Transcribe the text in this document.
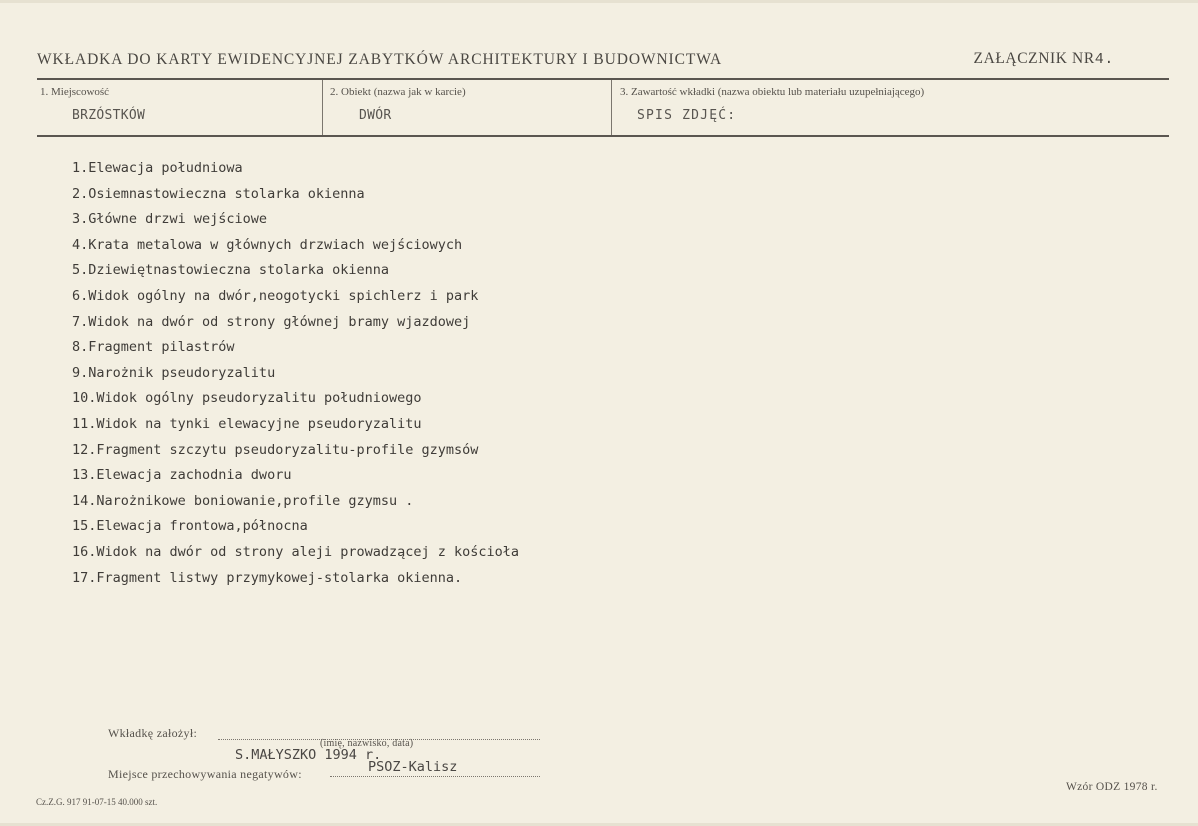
WKŁADKA DO KARTY EWIDENCYJNEJ ZABYTKÓW ARCHITEKTURY I BUDOWNICTWA	ZAŁĄCZNIK NR4.
1. Miejscowość
BRZÓSTKÓW
2. Obiekt (nazwa jak w karcie)
DWÓR
3. Zawartość wkładki (nazwa obiektu lub materiału uzupełniającego)
SPIS ZDJĘĆ:
1.Elewacja południowa
2.Osiemnastowieczna stolarka okienna
3.Główne drzwi wejściowe
4.Krata metalowa w głównych drzwiach wejściowych
5.Dziewiętnastowieczna stolarka okienna
6.Widok ogólny na dwór,neogotycki spichlerz i park
7.Widok na dwór od strony głównej bramy wjazdowej
8.Fragment pilastrów
9.Narożnik pseudoryzalitu
10.Widok ogólny pseudoryzalitu południowego
11.Widok na tynki elewacyjne pseudoryzalitu
12.Fragment szczytu pseudoryzalitu-profile gzymsów
13.Elewacja zachodnia dworu
14.Narożnikowe boniowanie,profile gzymsu .
15.Elewacja frontowa,północna
16.Widok na dwór od strony aleji prowadzącej z kościoła
17.Fragment listwy przymykowej-stolarka okienna.
Wkładkę założył:
(imię, nazwisko, data)
S.MAŁYSZKO 1994 r.
Miejsce przechowywania negatywów:	PSOZ-Kalisz
Cz.Z.G. 917 91-07-15 40.000 szt.
Wzór ODZ 1978 r.
